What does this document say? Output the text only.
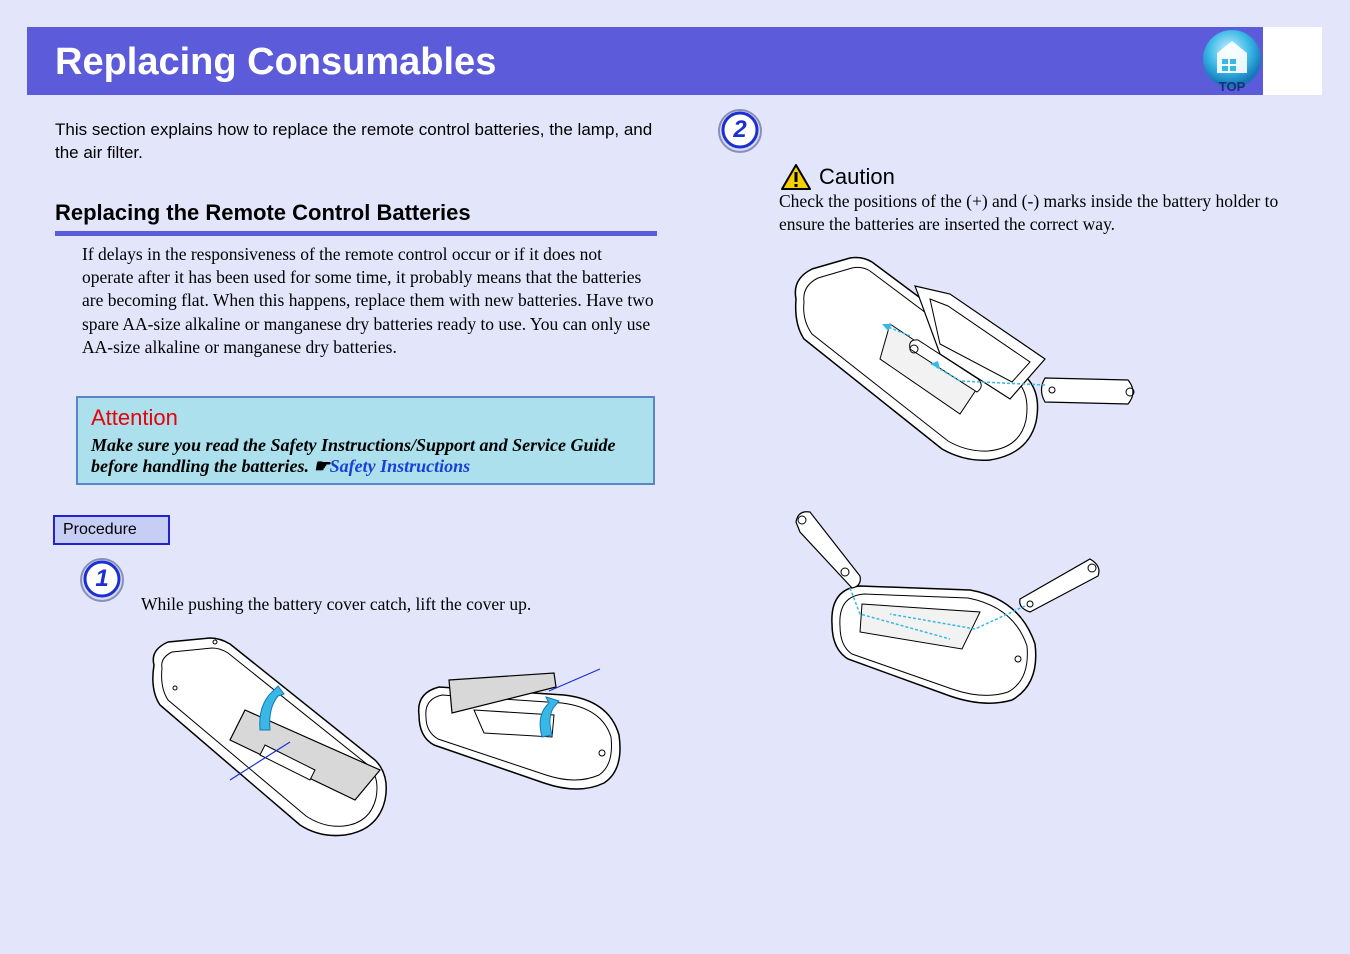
Replacing Consumables
TOP

This section explains how to replace the remote control batteries, the lamp, and the air filter.

Replacing the Remote Control Batteries

If delays in the responsiveness of the remote control occur or if it does not operate after it has been used for some time, it probably means that the batteries are becoming flat. When this happens, replace them with new batteries. Have two spare AA-size alkaline or manganese dry batteries ready to use. You can only use AA-size alkaline or manganese dry batteries.

Attention

Make sure you read the Safety Instructions/Support and Service Guide before handling the batteries. ☛Safety Instructions

Procedure
1

While pushing the battery cover catch, lift the cover up.

2
Caution

Check the positions of the (+) and (-) marks inside the battery holder to ensure the batteries are inserted the correct way.
